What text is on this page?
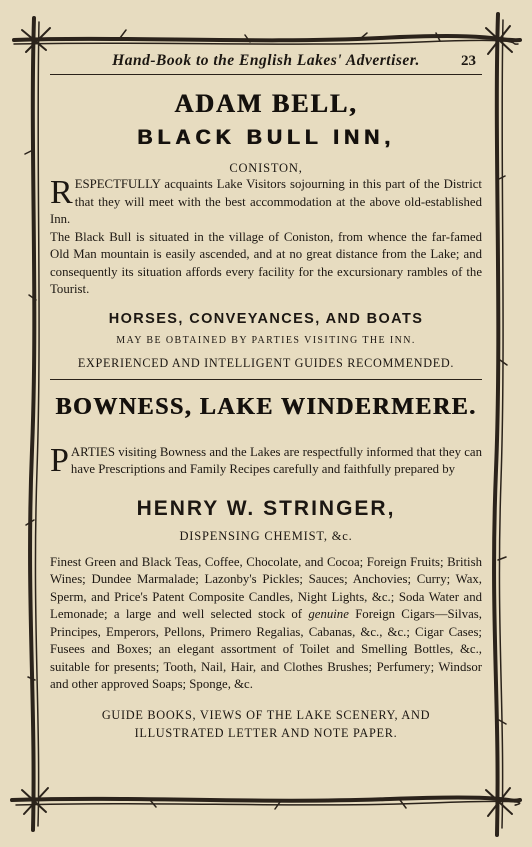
Hand-Book to the English Lakes' Advertiser.	23
ADAM BELL,
BLACK BULL INN,
CONISTON,

RESPECTFULLY acquaints Lake Visitors sojourning in this part of the District that they will meet with the best accommodation at the above old-established Inn.

The Black Bull is situated in the village of Coniston, from whence the far-famed Old Man mountain is easily ascended, and at no great distance from the Lake; and consequently its situation affords every facility for the excursionary rambles of the Tourist.

HORSES, CONVEYANCES, AND BOATS
MAY BE OBTAINED BY PARTIES VISITING THE INN.
EXPERIENCED AND INTELLIGENT GUIDES RECOMMENDED.
BOWNESS, LAKE WINDERMERE.

PARTIES visiting Bowness and the Lakes are respectfully informed that they can have Prescriptions and Family Recipes carefully and faithfully prepared by

HENRY W. STRINGER,
DISPENSING CHEMIST, &c.

Finest Green and Black Teas, Coffee, Chocolate, and Cocoa; Foreign Fruits; British Wines; Dundee Marmalade; Lazonby's Pickles; Sauces; Anchovies; Curry; Wax, Sperm, and Price's Patent Composite Candles, Night Lights, &c.; Soda Water and Lemonade; a large and well selected stock of genuine Foreign Cigars—Silvas, Principes, Emperors, Pellons, Primero Regalias, Cabanas, &c., &c.; Cigar Cases; Fusees and Boxes; an elegant assortment of Toilet and Smelling Bottles, &c., suitable for presents; Tooth, Nail, Hair, and Clothes Brushes; Perfumery; Windsor and other approved Soaps; Sponge, &c.

GUIDE BOOKS, VIEWS OF THE LAKE SCENERY, AND
ILLUSTRATED LETTER AND NOTE PAPER.
